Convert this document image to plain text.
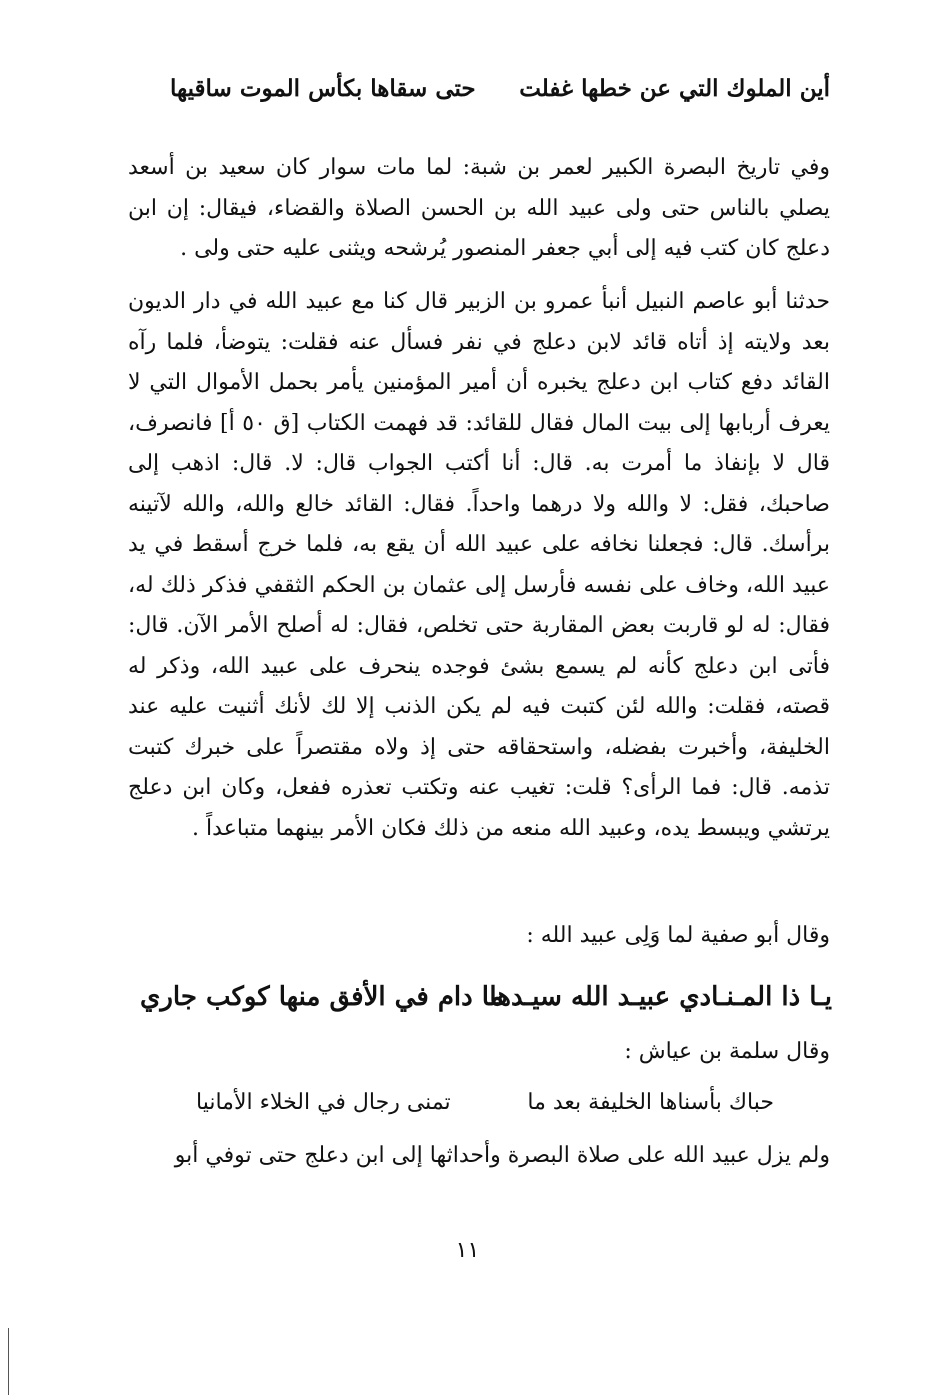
أين الملوك التي عن خطها غفلت
حتى سقاها بكأس الموت ساقيها

وفي تاريخ البصرة الكبير لعمر بن شبة: لما مات سوار كان سعيد بن أسعد يصلي بالناس حتى ولى عبيد الله بن الحسن الصلاة والقضاء، فيقال: إن ابن دعلج كان كتب فيه إلى أبي جعفر المنصور يُرشحه ويثنى عليه حتى ولى .

حدثنا أبو عاصم النبيل أنبأ عمرو بن الزبير قال كنا مع عبيد الله في دار الديون بعد ولايته إذ أتاه قائد لابن دعلج في نفر فسأل عنه فقلت: يتوضأ، فلما رآه القائد دفع كتاب ابن دعلج يخبره أن أمير المؤمنين يأمر بحمل الأموال التي لا يعرف أربابها إلى بيت المال فقال للقائد: قد فهمت الكتاب [ق ٥٠ أ] فانصرف، قال لا بإنفاذ ما أمرت به. قال: أنا أكتب الجواب قال: لا. قال: اذهب إلى صاحبك، فقل: لا والله ولا درهما واحداً. فقال: القائد خالع والله، والله لآتينه برأسك. قال: فجعلنا نخافه على عبيد الله أن يقع به، فلما خرج أسقط في يد عبيد الله، وخاف على نفسه فأرسل إلى عثمان بن الحكم الثقفي فذكر ذلك له، فقال: له لو قاربت بعض المقاربة حتى تخلص، فقال: له أصلح الأمر الآن. قال: فأتى ابن دعلج كأنه لم يسمع بشئ فوجده ينحرف على عبيد الله، وذكر له قصته، فقلت: والله لئن كتبت فيه لم يكن الذنب إلا لك لأنك أثنيت عليه عند الخليفة، وأخبرت بفضله، واستحقاقه حتى إذ ولاه مقتصراً على خبرك كتبت تذمه. قال: فما الرأى؟ قلت: تغيب عنه وتكتب تعذره ففعل، وكان ابن دعلج يرتشي ويبسط يده، وعبيد الله منعه من ذلك فكان الأمر بينهما متباعداً .

وقال أبو صفية لما وَلِى عبيد الله :

يـا ذا المـنـادي عبيـد الله سيـدها
ما دام في الأفق منها كوكب جاري

وقال سلمة بن عياش :

حباك بأسناها الخليفة بعد ما
تمنى رجال في الخلاء الأمانيا

ولم يزل عبيد الله على صلاة البصرة وأحداثها إلى ابن دعلج حتى توفي أبو

١١
